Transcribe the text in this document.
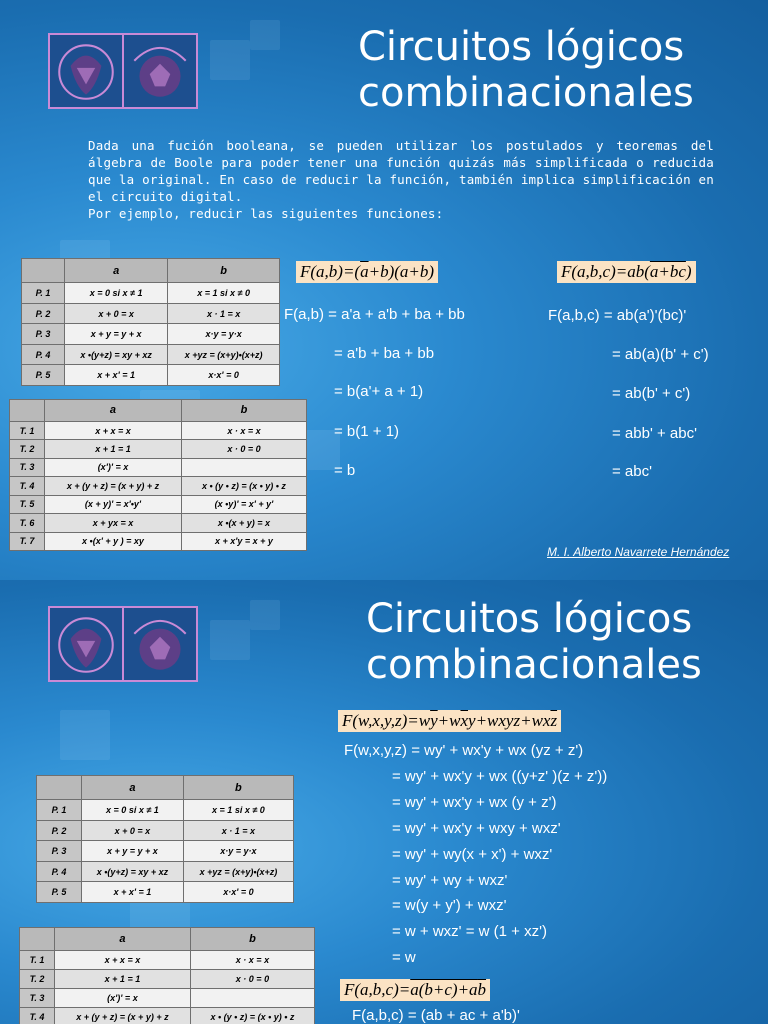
Circuitos lógicos
combinacionales

Dada una fución booleana, se pueden utilizar los postulados y teoremas del álgebra de Boole para poder tener una función quizás más simplificada o reducida que la original. En caso de reducir la función, también implica simplificación en el circuito digital.

Por ejemplo, reducir las siguientes funciones:

	a	b
P. 1	x = 0 si x ≠ 1	x = 1 si x ≠ 0
P. 2	x + 0 = x	x · 1 = x
P. 3	x + y = y + x	x·y = y·x
P. 4	x •(y+z) = xy + xz	x +yz = (x+y)•(x+z)
P. 5	x + x' = 1	x·x' = 0
	a	b
T. 1	x + x = x	x · x = x
T. 2	x + 1 = 1	x · 0 = 0
T. 3	(x')' = x	
T. 4	x + (y + z) = (x + y) + z	x • (y • z) = (x • y) • z
T. 5	(x + y)' = x'•y'	(x •y)' = x' + y'
T. 6	x + yx = x	x •(x + y) = x
T. 7	x •(x' + y ) = xy	x + x'y = x + y
$F(a,b)=(\overline{a}+b)(a+b)$	F(a,b,c)=ab(a+bc)
F(a,b) = a'a + a'b + ba + bb
= a'b + ba + bb
= b(a'+ a + 1)
= b(1 + 1)
= b
F(a,b,c) = ab(a')'(bc)'
= ab(a)(b' + c')
= ab(b' + c')
= abb' + abc'
= abc'
M. I. Alberto Navarrete Hernández
Circuitos lógicos
combinacionales
$F(w,x,y,z)=w\overline{y}+w\overline{x}y+wxyz+wx\overline{z}$
F(w,x,y,z) = wy' + wx'y + wx (yz + z')
= wy' + wx'y + wx ((y+z' )(z + z'))
= wy' + wx'y + wx (y + z')
= wy' + wx'y + wxy + wxz'
= wy' + wy(x + x') + wxz'
= wy' + wy + wxz'
= w(y + y') + wxz'
= w + wxz' = w (1 + xz')
= w
	a	b
P. 1	x = 0 si x ≠ 1	x = 1 si x ≠ 0
P. 2	x + 0 = x	x · 1 = x
P. 3	x + y = y + x	x·y = y·x
P. 4	x •(y+z) = xy + xz	x +yz = (x+y)•(x+z)
P. 5	x + x' = 1	x·x' = 0
	a	b
T. 1	x + x = x	x · x = x
T. 2	x + 1 = 1	x · 0 = 0
T. 3	(x')' = x	
T. 4	x + (y + z) = (x + y) + z	x • (y • z) = (x • y) • z
F(a,b,c)=a(b+c)+ab
F(a,b,c) = (ab + ac + a'b)'
